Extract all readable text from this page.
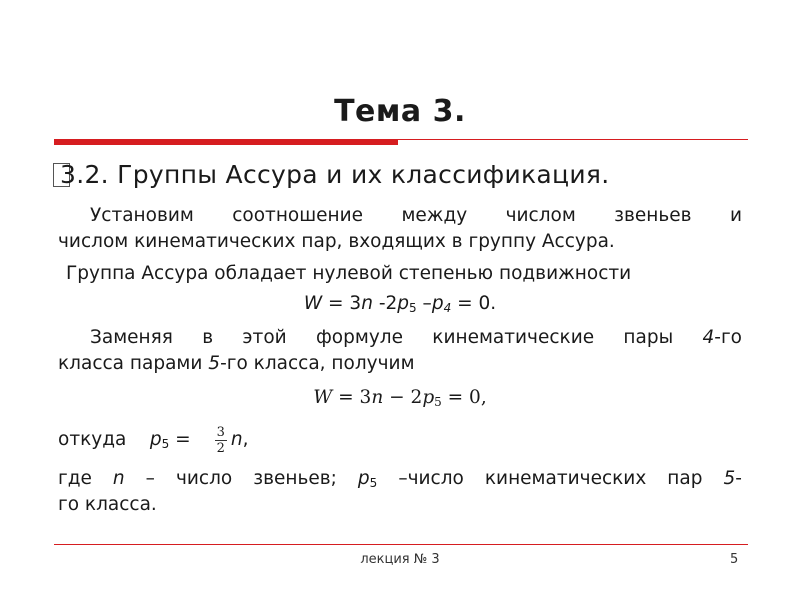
Тема 3.
3.2. Группы Ассура и их классификация.
Установим соотношение между числом звеньев и
числом кинематических пар, входящих в группу Ассура.
Группа Ассура обладает нулевой степенью подвижности
W = 3n $-2p_5$ $-p_4 = 0$.
Заменяя в этой формуле кинематические пары 4-го
класса парами 5-го класса, получим
$W = 3n - 2p_5 = 0$,
откуда $p_5 = \frac{3}{2} n$,
где n – число звеньев; $p_5$ –число кинематических пар 5-
го класса.
лекция № 3	5
